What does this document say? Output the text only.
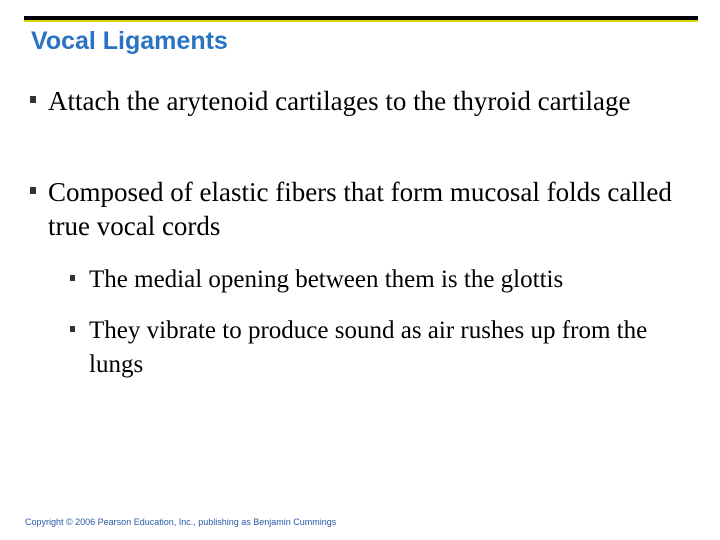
Vocal Ligaments
Attach the arytenoid cartilages to the thyroid cartilage
Composed of elastic fibers that form mucosal folds called true vocal cords
The medial opening between them is the glottis
They vibrate to produce sound as air rushes up from the lungs
Copyright © 2006 Pearson Education, Inc., publishing as Benjamin Cummings
